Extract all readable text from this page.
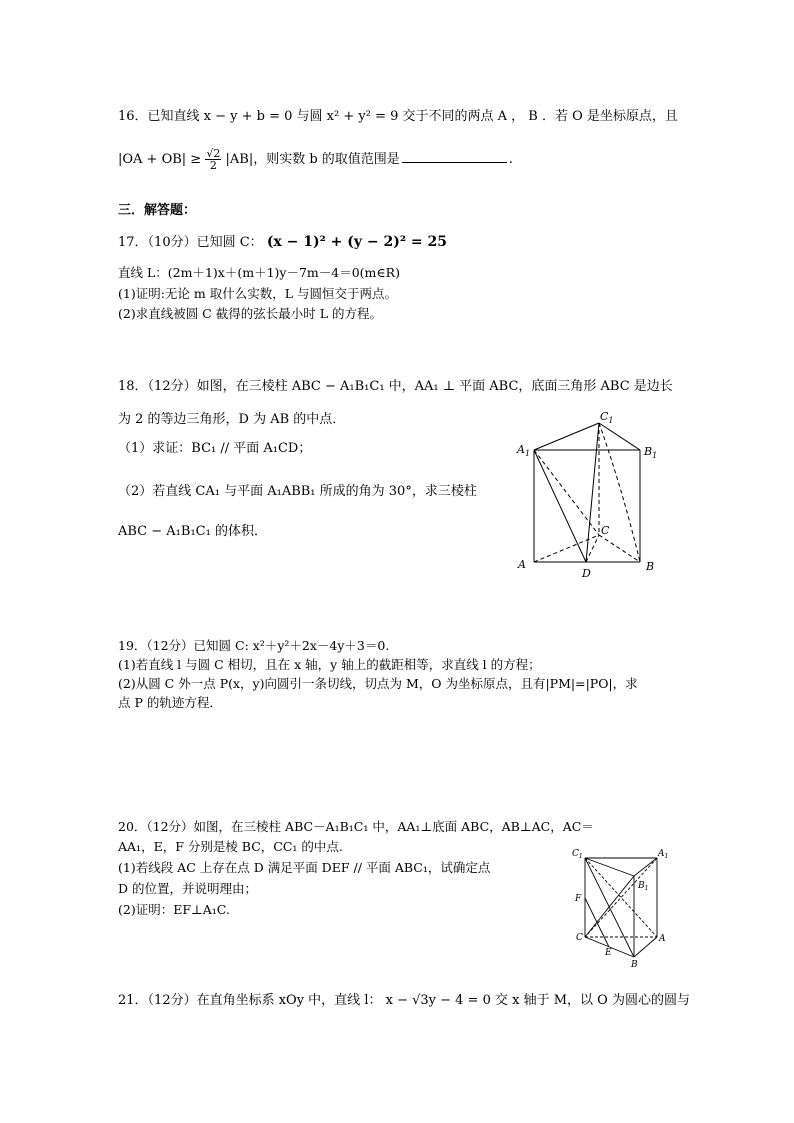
16．已知直线 x − y + b = 0 与圆 x² + y² = 9 交于不同的两点 A ， B ．若 O 是坐标原点，且
$|OA + OB| \ge \frac{√2}{2} |AB|$，则实数 b 的取值范围是	.
三．解答题：
17．（10分）已知圆 C： (x − 1)² + (y − 2)² = 25
直线 L：(2m＋1)x＋(m＋1)y－7m－4＝0(m∈R)
(1)证明:无论 m 取什么实数，L 与圆恒交于两点。
(2)求直线被圆 C 截得的弦长最小时 L 的方程。
18．（12分）如图，在三棱柱 ABC − A₁B₁C₁ 中，AA₁ ⊥ 平面 ABC，底面三角形 ABC 是边长
为 2 的等边三角形，D 为 AB 的中点．
（1）求证：BC₁ // 平面 A₁CD；
（2）若直线 CA₁ 与平面 A₁ABB₁ 所成的角为 30°，求三棱柱
ABC − A₁B₁C₁ 的体积．
$A_1$
$C_1$
$B_1$
C
A	B
D
19．（12分）已知圆 C: x²＋y²＋2x－4y＋3＝0.
(1)若直线 l 与圆 C 相切，且在 x 轴，y 轴上的截距相等，求直线 l 的方程；
(2)从圆 C 外一点 P(x，y)向圆引一条切线，切点为 M，O 为坐标原点，且有|PM|=|PO|，求
点 P 的轨迹方程．
20．（12分）如图，在三棱柱 ABC－A₁B₁C₁ 中，AA₁⊥底面 ABC，AB⊥AC，AC＝
AA₁，E，F 分别是棱 BC，CC₁ 的中点.
(1)若线段 AC 上存在点 D 满足平面 DEF // 平面 ABC₁，试确定点
D 的位置，并说明理由；
(2)证明：EF⊥A₁C.
$C_1$	$A_1$
$B_1$
F
C	A
E
B
21．（12分）在直角坐标系 xOy 中，直线 l： x − √3y − 4 = 0 交 x 轴于 M，以 O 为圆心的圆与
